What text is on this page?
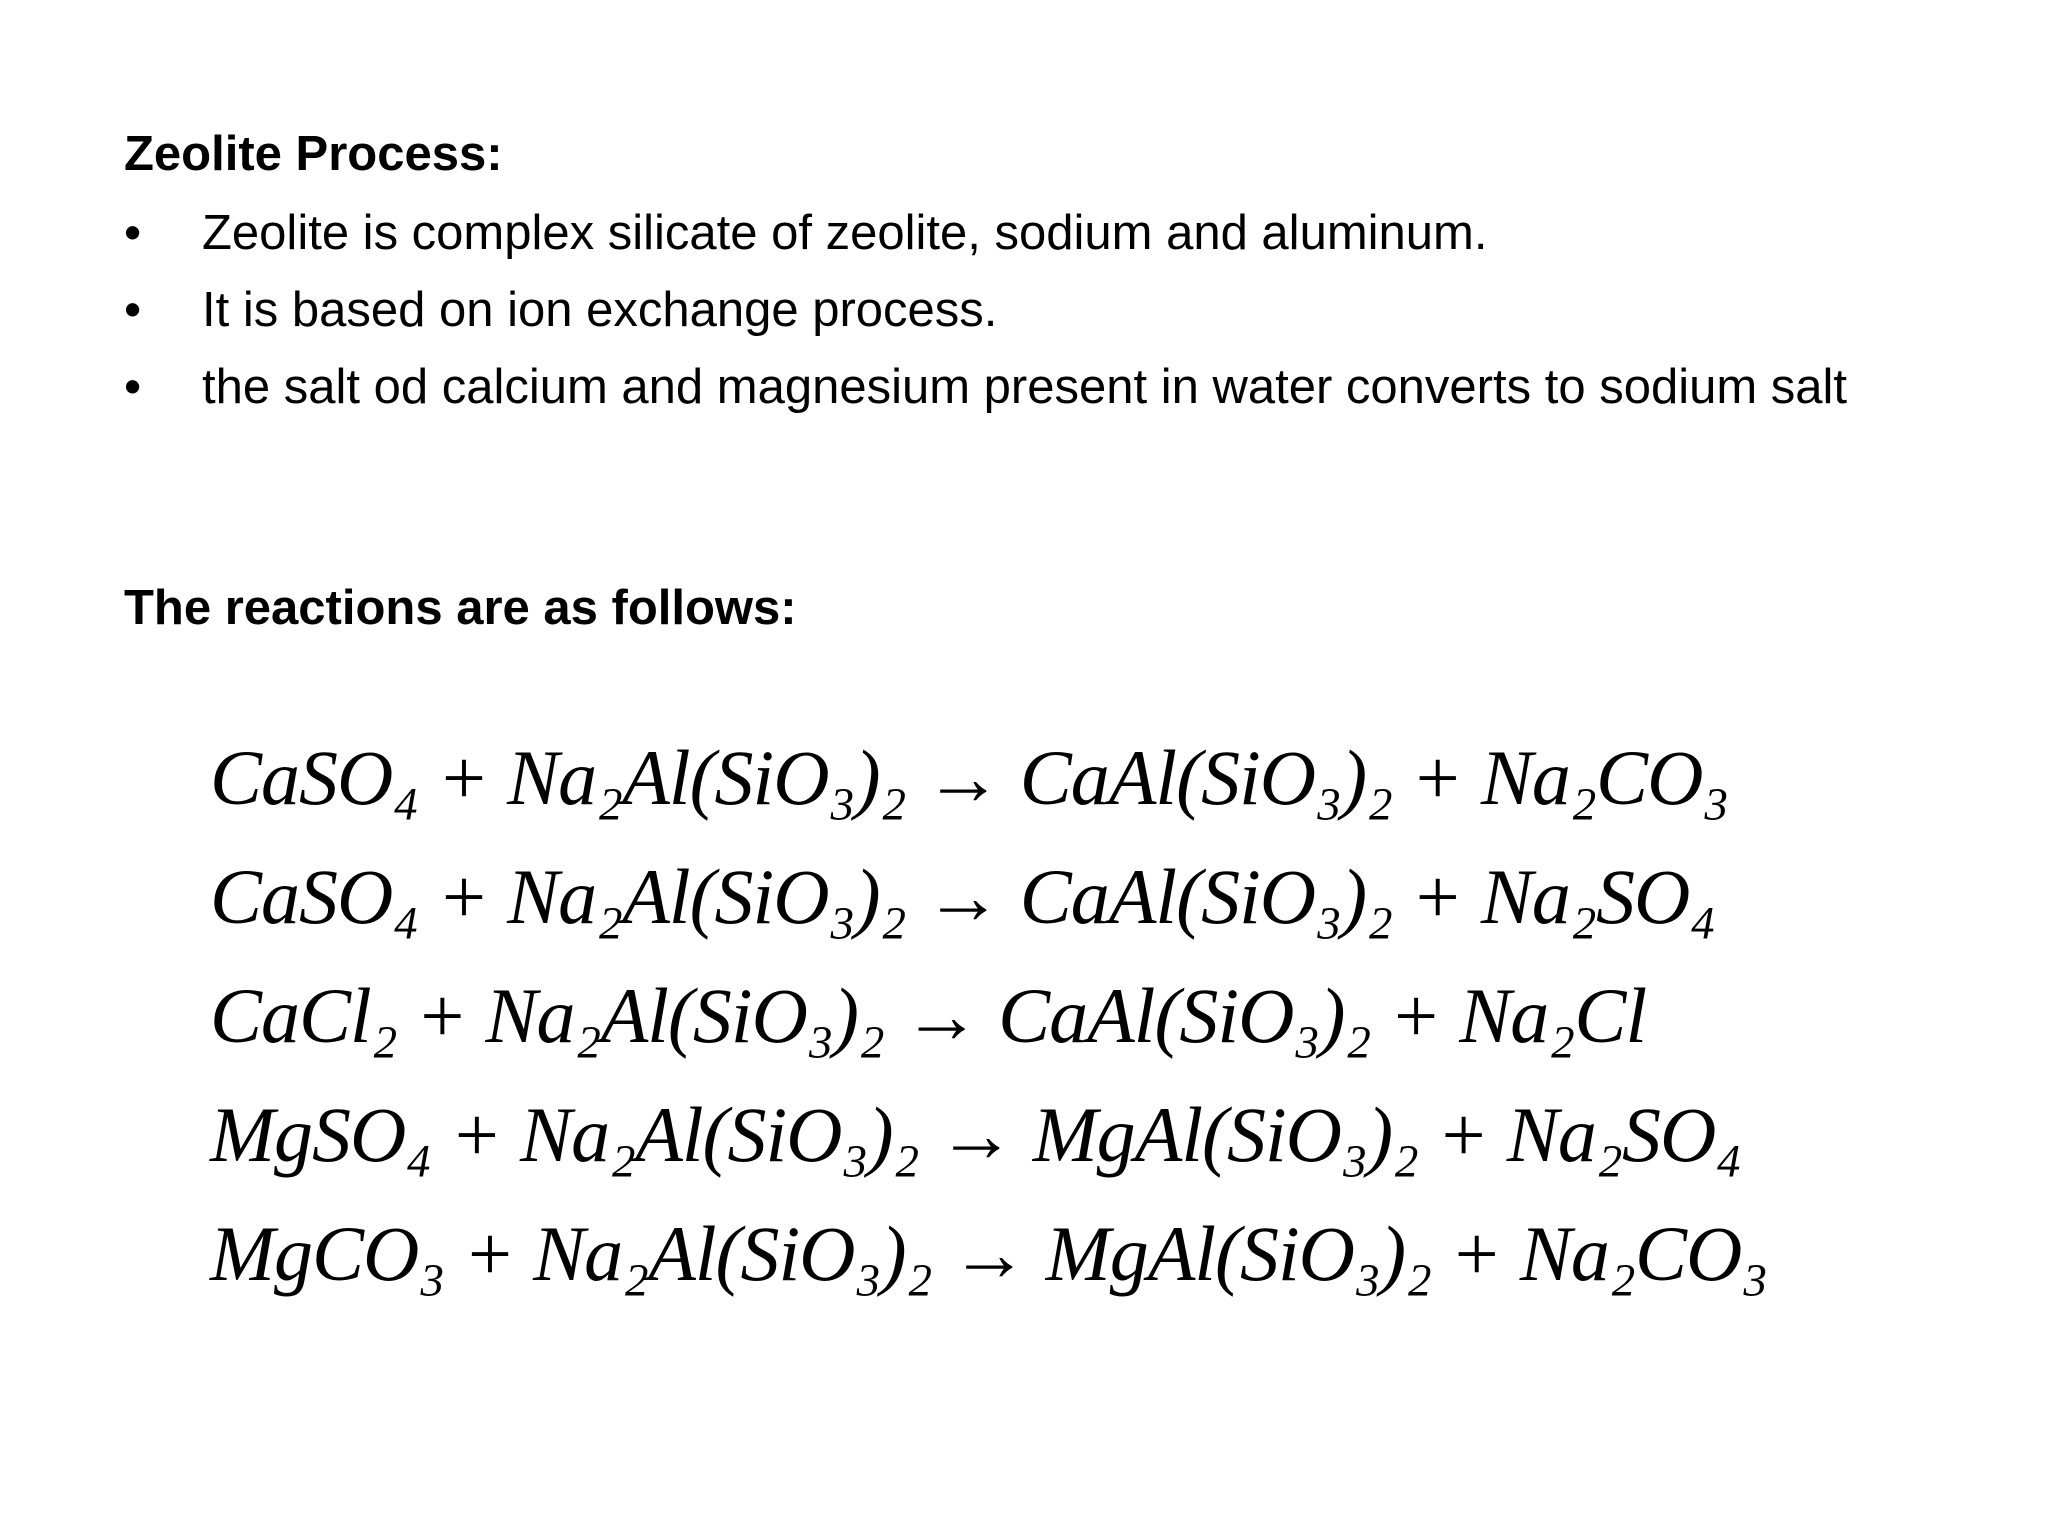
Zeolite Process:
•
Zeolite is complex silicate of zeolite, sodium and aluminum.
•
It is based on ion exchange process.
•
the salt od calcium and magnesium present in water converts to sodium salt
The reactions are as follows:
CaSO₄ + Na₂Al(SiO₃)₂ → CaAl(SiO₃)₂ + Na₂CO₃
CaSO₄ + Na₂Al(SiO₃)₂ → CaAl(SiO₃)₂ + Na₂SO₄
CaCl₂ + Na₂Al(SiO₃)₂ → CaAl(SiO₃)₂ + Na₂Cl
MgSO₄ + Na₂Al(SiO₃)₂ → MgAl(SiO₃)₂ + Na₂SO₄
MgCO₃ + Na₂Al(SiO₃)₂ → MgAl(SiO₃)₂ + Na₂CO₃
